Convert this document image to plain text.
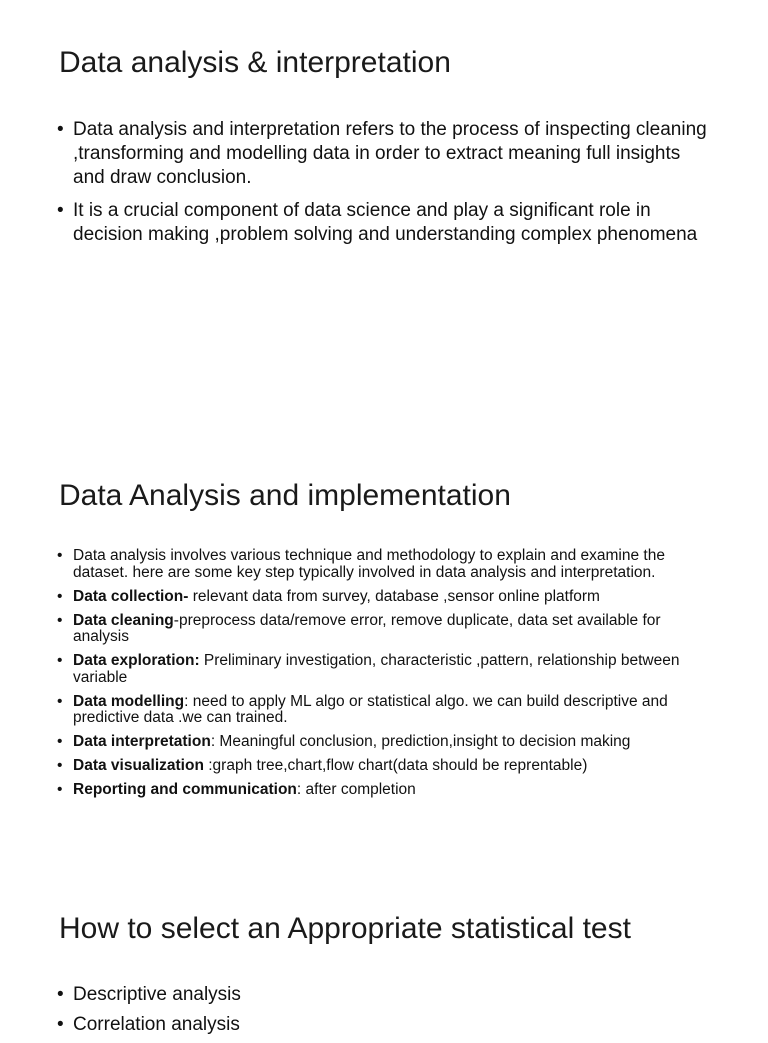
Data analysis & interpretation
• Data analysis and interpretation refers to the process of inspecting cleaning ,transforming and modelling data in order to extract meaning full insights and draw conclusion.
• It is a crucial component of data science and play a significant role in decision making ,problem solving and understanding complex phenomena
Data Analysis and implementation
• Data analysis involves various technique and methodology to explain and examine the dataset. here are some key step typically involved in data analysis and interpretation.
• Data collection- relevant data from survey, database ,sensor online platform
• Data cleaning-preprocess data/remove error, remove duplicate, data set available for analysis
• Data exploration: Preliminary investigation, characteristic ,pattern, relationship between variable
• Data modelling: need to apply ML algo or statistical algo. we can build descriptive and predictive data .we can trained.
• Data interpretation: Meaningful conclusion, prediction,insight to decision making
• Data visualization :graph tree,chart,flow chart(data should be reprentable)
• Reporting and communication: after completion
How to select an Appropriate statistical test
• Descriptive analysis
• Correlation analysis
